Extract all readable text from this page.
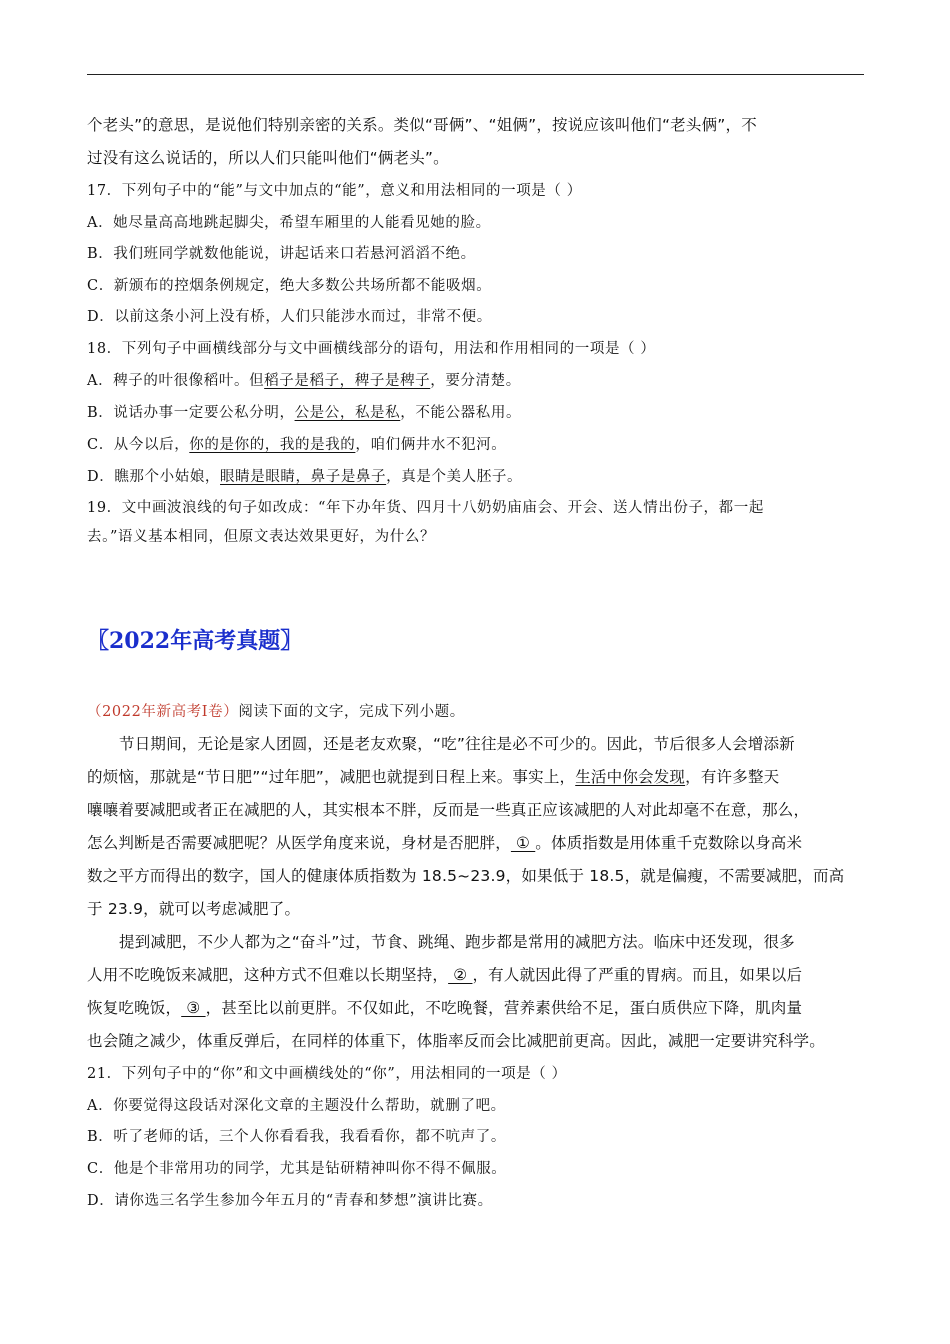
个老头”的意思，是说他们特别亲密的关系。类似“哥俩”、“姐俩”，按说应该叫他们“老头俩”，不
过没有这么说话的，所以人们只能叫他们“俩老头”。
17．下列句子中的“能”与文中加点的“能”，意义和用法相同的一项是（ ）
A．她尽量高高地跳起脚尖，希望车厢里的人能看见她的脸。
B．我们班同学就数他能说，讲起话来口若悬河滔滔不绝。
C．新颁布的控烟条例规定，绝大多数公共场所都不能吸烟。
D．以前这条小河上没有桥，人们只能涉水而过，非常不便。
18．下列句子中画横线部分与文中画横线部分的语句，用法和作用相同的一项是（ ）
A．稗子的叶很像稻叶。但稻子是稻子，稗子是稗子，要分清楚。
B．说话办事一定要公私分明，公是公，私是私，不能公器私用。
C．从今以后，你的是你的，我的是我的，咱们俩井水不犯河。
D．瞧那个小姑娘，眼睛是眼睛，鼻子是鼻子，真是个美人胚子。
19．文中画波浪线的句子如改成：“年下办年货、四月十八奶奶庙庙会、开会、送人情出份子，都一起
去。”语义基本相同，但原文表达效果更好，为什么？
〖2022年高考真题〗
（2022年新高考Ⅰ卷）阅读下面的文字，完成下列小题。
节日期间，无论是家人团圆，还是老友欢聚，“吃”往往是必不可少的。因此，节后很多人会增添新
的烦恼，那就是“节日肥”“过年肥”，减肥也就提到日程上来。事实上，生活中你会发现，有许多整天
嚷嚷着要减肥或者正在减肥的人，其实根本不胖，反而是一些真正应该减肥的人对此却毫不在意，那么，
怎么判断是否需要减肥呢？从医学角度来说，身材是否肥胖， ① 。体质指数是用体重千克数除以身高米
数之平方而得出的数字，国人的健康体质指数为 18.5~23.9，如果低于 18.5，就是偏瘦，不需要减肥，而高
于 23.9，就可以考虑减肥了。
提到减肥，不少人都为之“奋斗”过，节食、跳绳、跑步都是常用的减肥方法。临床中还发现，很多
人用不吃晚饭来减肥，这种方式不但难以长期坚持， ② ，有人就因此得了严重的胃病。而且，如果以后
恢复吃晚饭， ③ ，甚至比以前更胖。不仅如此，不吃晚餐，营养素供给不足，蛋白质供应下降，肌肉量
也会随之减少，体重反弹后，在同样的体重下，体脂率反而会比减肥前更高。因此，减肥一定要讲究科学。
21．下列句子中的“你”和文中画横线处的“你”，用法相同的一项是（ ）
A．你要觉得这段话对深化文章的主题没什么帮助，就删了吧。
B．听了老师的话，三个人你看看我，我看看你，都不吭声了。
C．他是个非常用功的同学，尤其是钻研精神叫你不得不佩服。
D．请你选三名学生参加今年五月的“青春和梦想”演讲比赛。
